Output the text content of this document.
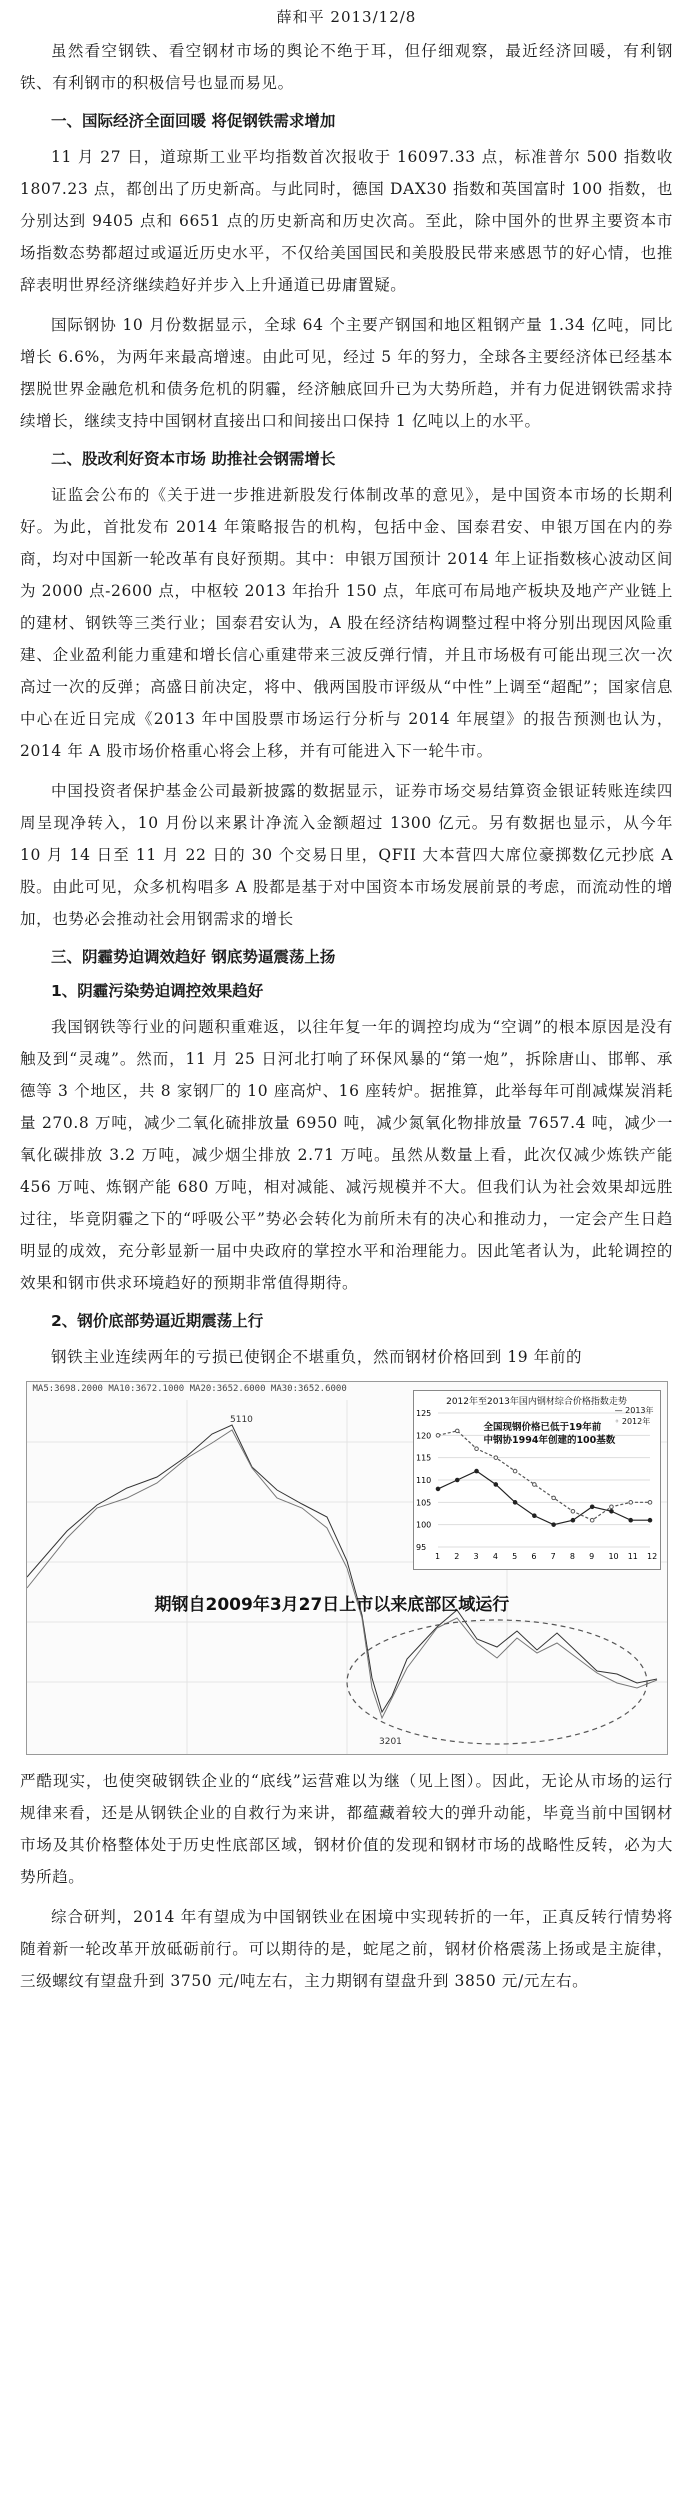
薛和平 2013/12/8

虽然看空钢铁、看空钢材市场的舆论不绝于耳，但仔细观察，最近经济回暖，有利钢铁、有利钢市的积极信号也显而易见。

一、国际经济全面回暖 将促钢铁需求增加

11 月 27 日，道琼斯工业平均指数首次报收于 16097.33 点，标准普尔 500 指数收 1807.23 点，都创出了历史新高。与此同时，德国 DAX30 指数和英国富时 100 指数，也分别达到 9405 点和 6651 点的历史新高和历史次高。至此，除中国外的世界主要资本市场指数态势都超过或逼近历史水平，不仅给美国国民和美股股民带来感恩节的好心情，也推辞表明世界经济继续趋好并步入上升通道已毋庸置疑。

国际钢协 10 月份数据显示，全球 64 个主要产钢国和地区粗钢产量 1.34 亿吨，同比增长 6.6%，为两年来最高增速。由此可见，经过 5 年的努力，全球各主要经济体已经基本摆脱世界金融危机和债务危机的阴霾，经济触底回升已为大势所趋，并有力促进钢铁需求持续增长，继续支持中国钢材直接出口和间接出口保持 1 亿吨以上的水平。

二、股改利好资本市场 助推社会钢需增长

证监会公布的《关于进一步推进新股发行体制改革的意见》，是中国资本市场的长期利好。为此，首批发布 2014 年策略报告的机构，包括中金、国泰君安、申银万国在内的券商，均对中国新一轮改革有良好预期。其中：申银万国预计 2014 年上证指数核心波动区间为 2000 点-2600 点，中枢较 2013 年抬升 150 点，年底可布局地产板块及地产产业链上的建材、钢铁等三类行业；国泰君安认为，A 股在经济结构调整过程中将分别出现因风险重建、企业盈利能力重建和增长信心重建带来三波反弹行情，并且市场极有可能出现三次一次高过一次的反弹；高盛日前决定，将中、俄两国股市评级从“中性”上调至“超配”；国家信息中心在近日完成《2013 年中国股票市场运行分析与 2014 年展望》的报告预测也认为，2014 年 A 股市场价格重心将会上移，并有可能进入下一轮牛市。

中国投资者保护基金公司最新披露的数据显示，证券市场交易结算资金银证转账连续四周呈现净转入，10 月份以来累计净流入金额超过 1300 亿元。另有数据也显示，从今年 10 月 14 日至 11 月 22 日的 30 个交易日里，QFII 大本营四大席位豪掷数亿元抄底 A 股。由此可见，众多机构唱多 A 股都是基于对中国资本市场发展前景的考虑，而流动性的增加，也势必会推动社会用钢需求的增长

三、阴霾势迫调效趋好 钢底势逼震荡上扬
1、阴霾污染势迫调控效果趋好

我国钢铁等行业的问题积重难返，以往年复一年的调控均成为“空调”的根本原因是没有触及到“灵魂”。然而，11 月 25 日河北打响了环保风暴的“第一炮”，拆除唐山、邯郸、承德等 3 个地区，共 8 家钢厂的 10 座高炉、16 座转炉。据推算，此举每年可削减煤炭消耗量 270.8 万吨，减少二氧化硫排放量 6950 吨，减少氮氧化物排放量 7657.4 吨，减少一氧化碳排放 3.2 万吨，减少烟尘排放 2.71 万吨。虽然从数量上看，此次仅减少炼铁产能 456 万吨、炼钢产能 680 万吨，相对减能、减污规模并不大。但我们认为社会效果却远胜过往，毕竟阴霾之下的“呼吸公平”势必会转化为前所未有的决心和推动力，一定会产生日趋明显的成效，充分彰显新一届中央政府的掌控水平和治理能力。因此笔者认为，此轮调控的效果和钢市供求环境趋好的预期非常值得期待。

2、钢价底部势逼近期震荡上行

钢铁主业连续两年的亏损已使钢企不堪重负，然而钢材价格回到 19 年前的

MA5:3698.2000 MA10:3672.1000 MA20:3652.6000 MA30:3652.6000
5110
3201
期钢自2009年3月27日上市以来底部区域运行
2012年至2013年国内钢材综合价格指数走势
125
120
115
110
105
100
95
1 2 3 4 5 6 7 8 9 10 11 12
全国现钢价格已低于19年前
中钢协1994年创建的100基数
— 2013年
◦ 2012年

严酷现实，也使突破钢铁企业的“底线”运营难以为继（见上图）。因此，无论从市场的运行规律来看，还是从钢铁企业的自救行为来讲，都蕴藏着较大的弹升动能，毕竟当前中国钢材市场及其价格整体处于历史性底部区域，钢材价值的发现和钢材市场的战略性反转，必为大势所趋。

综合研判，2014 年有望成为中国钢铁业在困境中实现转折的一年，正真反转行情势将随着新一轮改革开放砥砺前行。可以期待的是，蛇尾之前，钢材价格震荡上扬或是主旋律，三级螺纹有望盘升到 3750 元/吨左右，主力期钢有望盘升到 3850 元/元左右。
